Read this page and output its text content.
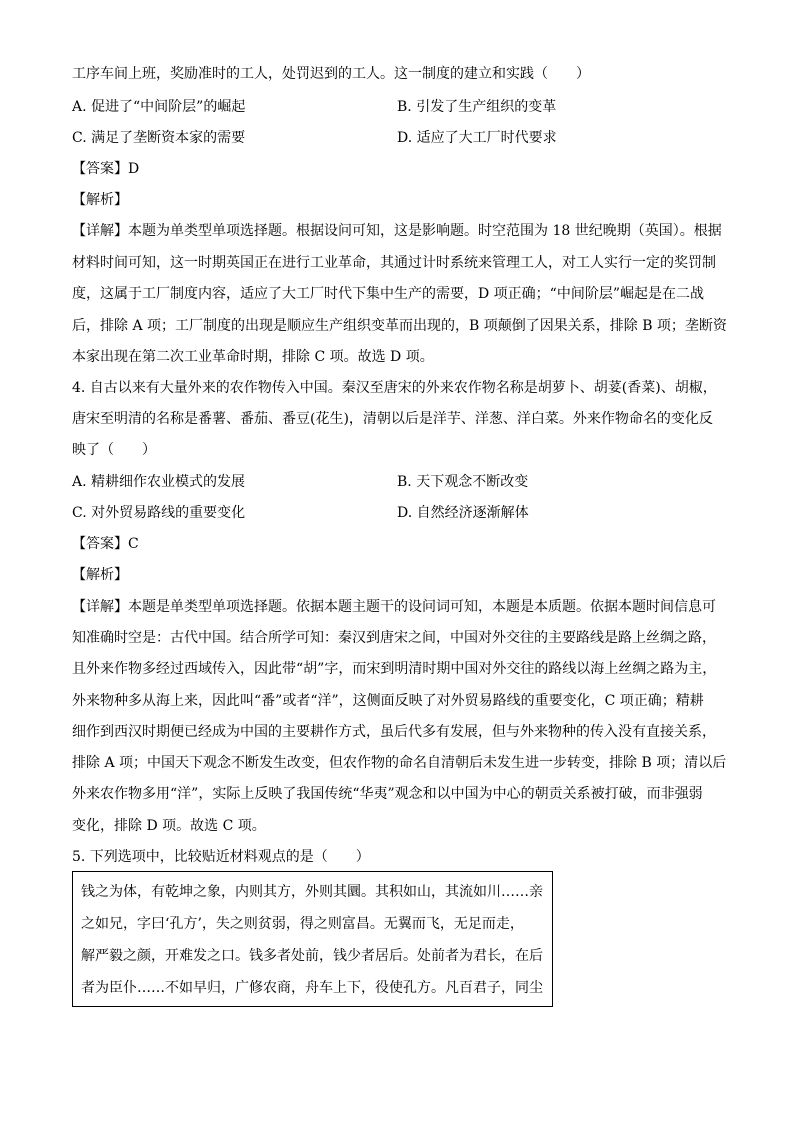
工序车间上班，奖励准时的工人，处罚迟到的工人。这一制度的建立和实践（　　）
A. 促进了“中间阶层”的崛起	B. 引发了生产组织的变革
C. 满足了垄断资本家的需要	D. 适应了大工厂时代要求
【答案】D
【解析】
【详解】本题为单类型单项选择题。根据设问可知，这是影响题。时空范围为 18 世纪晚期（英国）。根据
材料时间可知，这一时期英国正在进行工业革命，其通过计时系统来管理工人，对工人实行一定的奖罚制
度，这属于工厂制度内容，适应了大工厂时代下集中生产的需要，D 项正确；“中间阶层”崛起是在二战
后，排除 A 项；工厂制度的出现是顺应生产组织变革而出现的，B 项颠倒了因果关系，排除 B 项；垄断资
本家出现在第二次工业革命时期，排除 C 项。故选 D 项。
4. 自古以来有大量外来的农作物传入中国。秦汉至唐宋的外来农作物名称是胡萝卜、胡荽(香菜)、胡椒，
唐宋至明清的名称是番薯、番茄、番豆(花生)，清朝以后是洋芋、洋葱、洋白菜。外来作物命名的变化反
映了（　　）
A. 精耕细作农业模式的发展	B. 天下观念不断改变
C. 对外贸易路线的重要变化	D. 自然经济逐渐解体
【答案】C
【解析】
【详解】本题是单类型单项选择题。依据本题主题干的设问词可知，本题是本质题。依据本题时间信息可
知准确时空是：古代中国。结合所学可知：秦汉到唐宋之间，中国对外交往的主要路线是路上丝绸之路，
且外来作物多经过西域传入，因此带“胡”字，而宋到明清时期中国对外交往的路线以海上丝绸之路为主，
外来物种多从海上来，因此叫“番”或者“洋”，这侧面反映了对外贸易路线的重要变化，C 项正确；精耕
细作到西汉时期便已经成为中国的主要耕作方式，虽后代多有发展，但与外来物种的传入没有直接关系，
排除 A 项；中国天下观念不断发生改变，但农作物的命名自清朝后未发生进一步转变，排除 B 项；清以后
外来农作物多用“洋”，实际上反映了我国传统“华夷”观念和以中国为中心的朝贡关系被打破，而非强弱
变化，排除 D 项。故选 C 项。
5. 下列选项中，比较贴近材料观点的是（　　）
钱之为体，有乾坤之象，内则其方，外则其圜。其积如山，其流如川……亲
之如兄，字曰‘孔方’，失之则贫弱，得之则富昌。无翼而飞，无足而走，
解严毅之颜，开难发之口。钱多者处前，钱少者居后。处前者为君长，在后
者为臣仆……不如早归，广修农商，舟车上下，役使孔方。凡百君子，同尘
